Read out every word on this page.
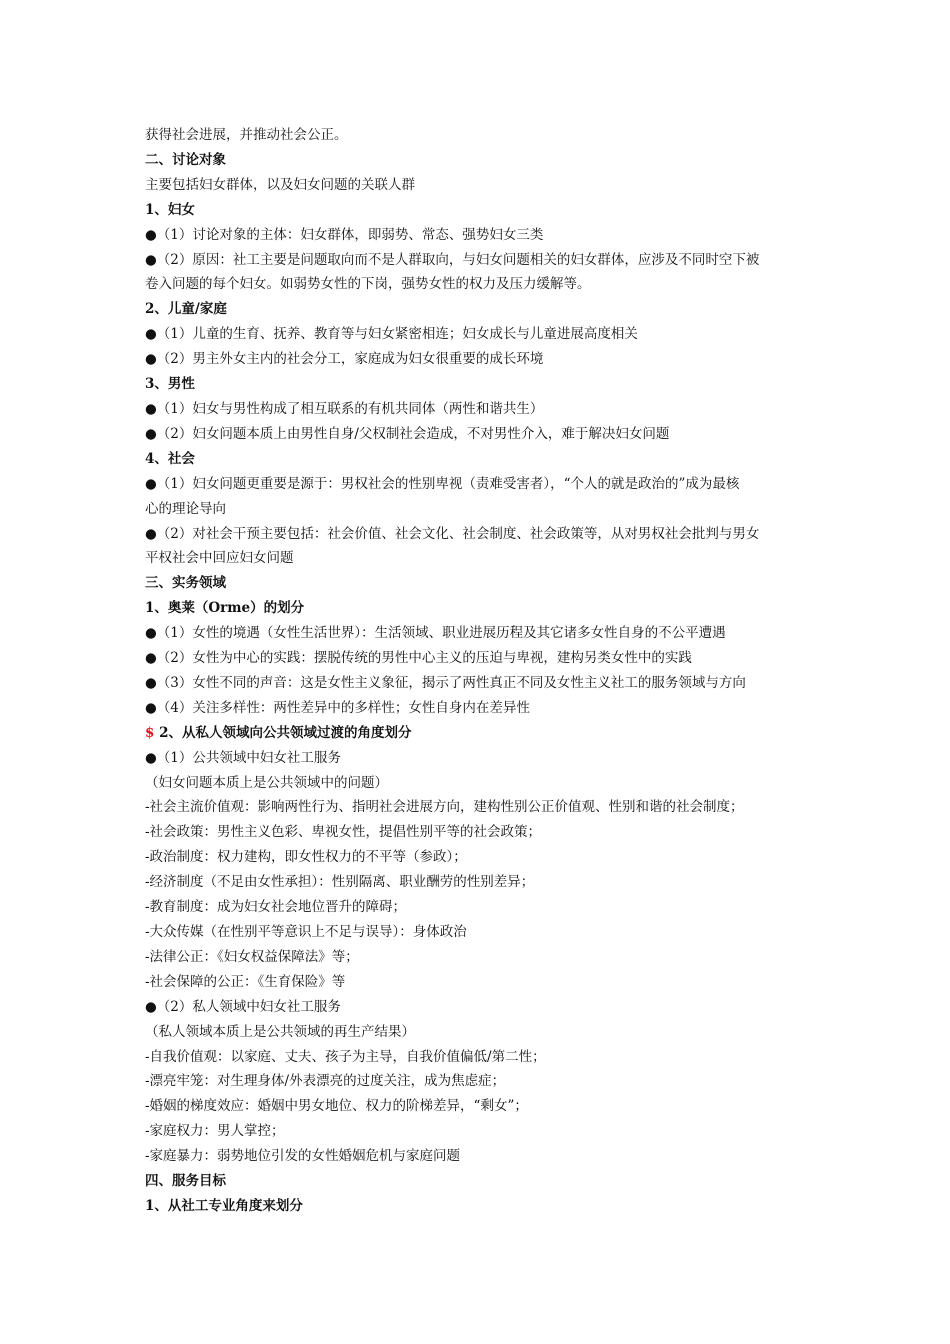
获得社会进展，并推动社会公正。
二、讨论对象
主要包括妇女群体，以及妇女问题的关联人群
1、妇女
●（1）讨论对象的主体：妇女群体，即弱势、常态、强势妇女三类
●（2）原因：社工主要是问题取向而不是人群取向，与妇女问题相关的妇女群体，应涉及不同时空下被
卷入问题的每个妇女。如弱势女性的下岗，强势女性的权力及压力缓解等。
2、儿童/家庭
●（1）儿童的生育、抚养、教育等与妇女紧密相连；妇女成长与儿童进展高度相关
●（2）男主外女主内的社会分工，家庭成为妇女很重要的成长环境
3、男性
●（1）妇女与男性构成了相互联系的有机共同体（两性和谐共生）
●（2）妇女问题本质上由男性自身/父权制社会造成，不对男性介入，难于解决妇女问题
4、社会
●（1）妇女问题更重要是源于：男权社会的性别卑视（责难受害者），“个人的就是政治的”成为最核
心的理论导向
●（2）对社会干预主要包括：社会价值、社会文化、社会制度、社会政策等，从对男权社会批判与男女
平权社会中回应妇女问题
三、实务领域
1、奥莱（Orme）的划分
●（1）女性的境遇（女性生活世界）：生活领域、职业进展历程及其它诸多女性自身的不公平遭遇
●（2）女性为中心的实践：摆脱传统的男性中心主义的压迫与卑视，建构另类女性中的实践
●（3）女性不同的声音：这是女性主义象征，揭示了两性真正不同及女性主义社工的服务领域与方向
●（4）关注多样性：两性差异中的多样性；女性自身内在差异性
$ 2、从私人领域向公共领域过渡的角度划分
●（1）公共领域中妇女社工服务
（妇女问题本质上是公共领域中的问题）
-社会主流价值观：影响两性行为、指明社会进展方向，建构性别公正价值观、性别和谐的社会制度；
-社会政策：男性主义色彩、卑视女性，提倡性别平等的社会政策；
-政治制度：权力建构，即女性权力的不平等（参政）；
-经济制度（不足由女性承担）：性别隔离、职业酬劳的性别差异；
-教育制度：成为妇女社会地位晋升的障碍；
-大众传媒（在性别平等意识上不足与误导）：身体政治
-法律公正：《妇女权益保障法》等；
-社会保障的公正：《生育保险》等
●（2）私人领域中妇女社工服务
（私人领域本质上是公共领域的再生产结果）
-自我价值观：以家庭、丈夫、孩子为主导，自我价值偏低/第二性；
-漂亮牢笼：对生理身体/外表漂亮的过度关注，成为焦虑症；
-婚姻的梯度效应：婚姻中男女地位、权力的阶梯差异，“剩女”；
-家庭权力：男人掌控；
-家庭暴力：弱势地位引发的女性婚姻危机与家庭问题
四、服务目标
1、从社工专业角度来划分
